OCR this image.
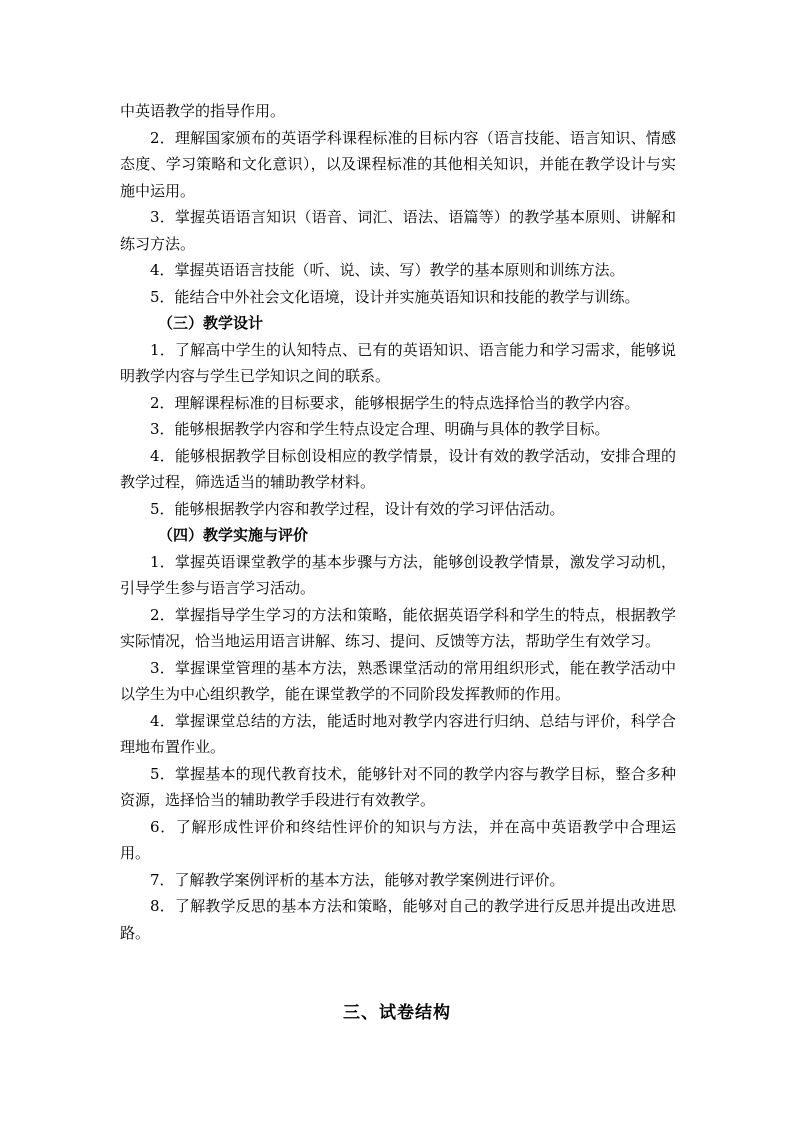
中英语教学的指导作用。

2．理解国家颁布的英语学科课程标准的目标内容（语言技能、语言知识、情感态度、学习策略和文化意识），以及课程标准的其他相关知识，并能在教学设计与实施中运用。

3．掌握英语语言知识（语音、词汇、语法、语篇等）的教学基本原则、讲解和练习方法。

4．掌握英语语言技能（听、说、读、写）教学的基本原则和训练方法。

5．能结合中外社会文化语境，设计并实施英语知识和技能的教学与训练。

（三）教学设计

1．了解高中学生的认知特点、已有的英语知识、语言能力和学习需求，能够说明教学内容与学生已学知识之间的联系。

2．理解课程标准的目标要求，能够根据学生的特点选择恰当的教学内容。

3．能够根据教学内容和学生特点设定合理、明确与具体的教学目标。

4．能够根据教学目标创设相应的教学情景，设计有效的教学活动，安排合理的教学过程，筛选适当的辅助教学材料。

5．能够根据教学内容和教学过程，设计有效的学习评估活动。

（四）教学实施与评价

1．掌握英语课堂教学的基本步骤与方法，能够创设教学情景，激发学习动机，引导学生参与语言学习活动。

2．掌握指导学生学习的方法和策略，能依据英语学科和学生的特点，根据教学实际情况，恰当地运用语言讲解、练习、提问、反馈等方法，帮助学生有效学习。

3．掌握课堂管理的基本方法，熟悉课堂活动的常用组织形式，能在教学活动中以学生为中心组织教学，能在课堂教学的不同阶段发挥教师的作用。

4．掌握课堂总结的方法，能适时地对教学内容进行归纳、总结与评价，科学合理地布置作业。

5．掌握基本的现代教育技术，能够针对不同的教学内容与教学目标，整合多种资源，选择恰当的辅助教学手段进行有效教学。

6．了解形成性评价和终结性评价的知识与方法，并在高中英语教学中合理运用。

7．了解教学案例评析的基本方法，能够对教学案例进行评价。

8．了解教学反思的基本方法和策略，能够对自己的教学进行反思并提出改进思路。

三、试卷结构
